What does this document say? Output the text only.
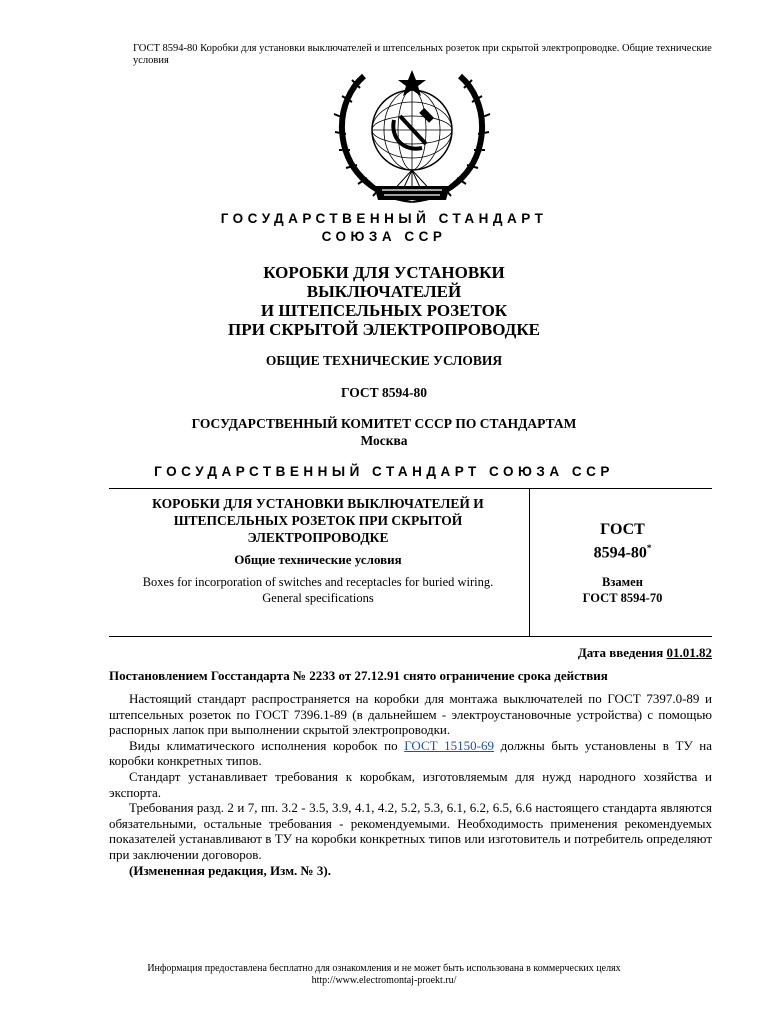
ГОСТ 8594-80 Коробки для установки выключателей и штепсельных розеток при скрытой электропроводке. Общие технические условия
ГОСУДАРСТВЕННЫЙ СТАНДАРТ
СОЮЗА ССР
КОРОБКИ ДЛЯ УСТАНОВКИ
ВЫКЛЮЧАТЕЛЕЙ
И ШТЕПСЕЛЬНЫХ РОЗЕТОК
ПРИ СКРЫТОЙ ЭЛЕКТРОПРОВОДКЕ
ОБЩИЕ ТЕХНИЧЕСКИЕ УСЛОВИЯ
ГОСТ 8594-80
ГОСУДАРСТВЕННЫЙ КОМИТЕТ СССР ПО СТАНДАРТАМ
Москва
ГОСУДАРСТВЕННЫЙ СТАНДАРТ СОЮЗА ССР
КОРОБКИ ДЛЯ УСТАНОВКИ ВЫКЛЮЧАТЕЛЕЙ И ШТЕПСЕЛЬНЫХ РОЗЕТОК ПРИ СКРЫТОЙ ЭЛЕКТРОПРОВОДКЕ
Общие технические условия
Boxes for incorporation of switches and receptacles for buried wiring.
General specifications
ГОСТ
8594-80*
Взамен
ГОСТ 8594-70
Дата введения 01.01.82
Постановлением Госстандарта № 2233 от 27.12.91 снято ограничение срока действия

Настоящий стандарт распространяется на коробки для монтажа выключателей по ГОСТ 7397.0-89 и штепсельных розеток по ГОСТ 7396.1-89 (в дальнейшем - электроустановочные устройства) с помощью распорных лапок при выполнении скрытой электропроводки.

Виды климатического исполнения коробок по ГОСТ 15150-69 должны быть установлены в ТУ на коробки конкретных типов.

Стандарт устанавливает требования к коробкам, изготовляемым для нужд народного хозяйства и экспорта.

Требования разд. 2 и 7, пп. 3.2 - 3.5, 3.9, 4.1, 4.2, 5.2, 5.3, 6.1, 6.2, 6.5, 6.6 настоящего стандарта являются обязательными, остальные требования - рекомендуемыми. Необходимость применения рекомендуемых показателей устанавливают в ТУ на коробки конкретных типов или изготовитель и потребитель определяют при заключении договоров.

(Измененная редакция, Изм. № 3).

Информация предоставлена бесплатно для ознакомления и не может быть использована в коммерческих целях
http://www.electromontaj-proekt.ru/
